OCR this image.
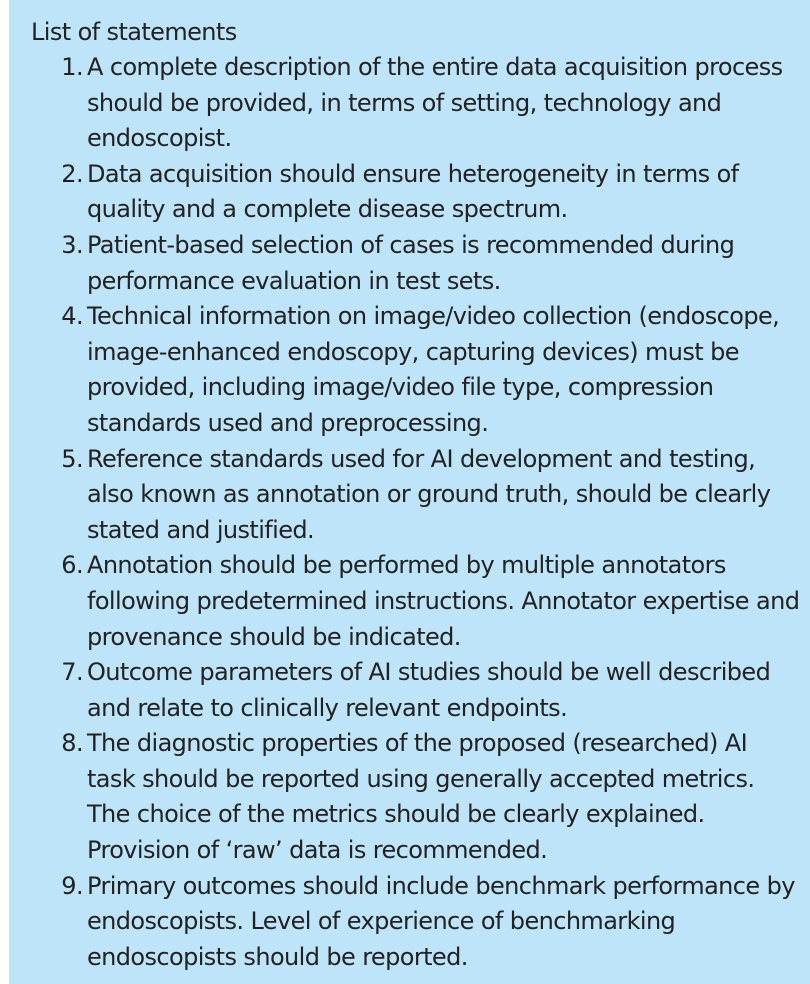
List of statements
1. A complete description of the entire data acquisition process should be provided, in terms of setting, technology and endoscopist.
2. Data acquisition should ensure heterogeneity in terms of quality and a complete disease spectrum.
3. Patient-based selection of cases is recommended during performance evaluation in test sets.
4. Technical information on image/video collection (endoscope, image-enhanced endoscopy, capturing devices) must be provided, including image/video file type, compression standards used and preprocessing.
5. Reference standards used for AI development and testing, also known as annotation or ground truth, should be clearly stated and justified.
6. Annotation should be performed by multiple annotators following predetermined instructions. Annotator expertise and provenance should be indicated.
7. Outcome parameters of AI studies should be well described and relate to clinically relevant endpoints.
8. The diagnostic properties of the proposed (researched) AI task should be reported using generally accepted metrics. The choice of the metrics should be clearly explained. Provision of ‘raw’ data is recommended.
9. Primary outcomes should include benchmark performance by endoscopists. Level of experience of benchmarking endoscopists should be reported.
